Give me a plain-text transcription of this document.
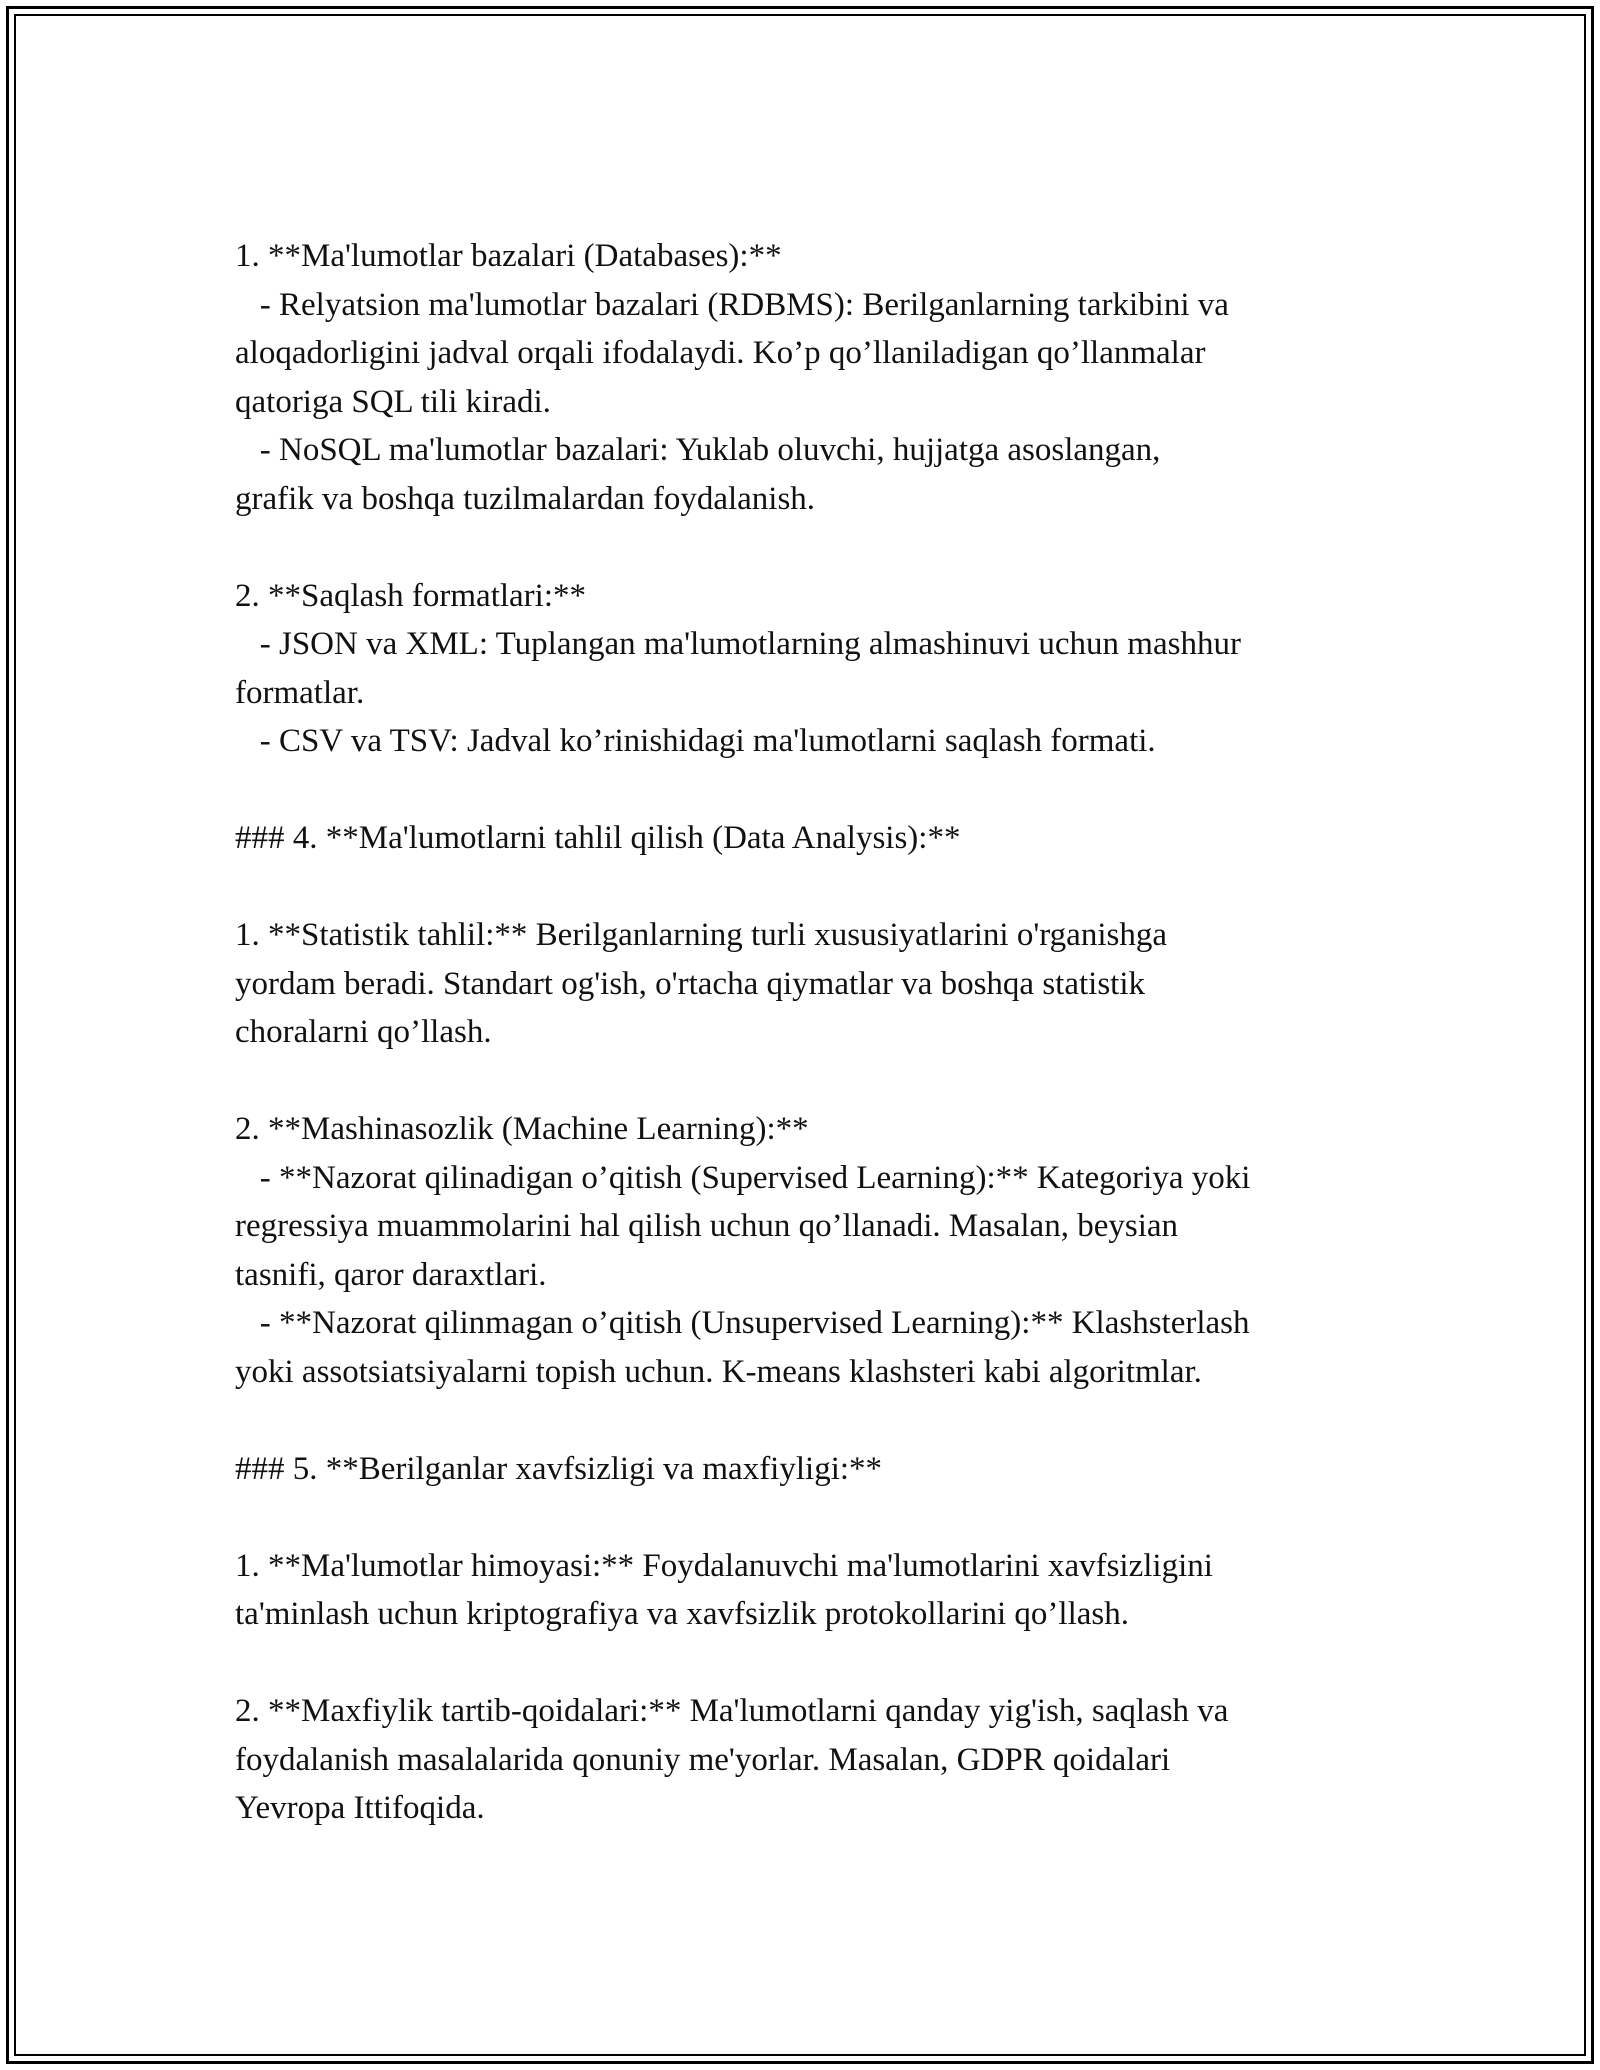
1. **Ma'lumotlar bazalari (Databases):**
- Relyatsion ma'lumotlar bazalari (RDBMS): Berilganlarning tarkibini va
aloqadorligini jadval orqali ifodalaydi. Ko’p qo’llaniladigan qo’llanmalar
qatoriga SQL tili kiradi.
- NoSQL ma'lumotlar bazalari: Yuklab oluvchi, hujjatga asoslangan,
grafik va boshqa tuzilmalardan foydalanish.
2. **Saqlash formatlari:**
- JSON va XML: Tuplangan ma'lumotlarning almashinuvi uchun mashhur
formatlar.
- CSV va TSV: Jadval ko’rinishidagi ma'lumotlarni saqlash formati.
### 4. **Ma'lumotlarni tahlil qilish (Data Analysis):**
1. **Statistik tahlil:** Berilganlarning turli xususiyatlarini o'rganishga
yordam beradi. Standart og'ish, o'rtacha qiymatlar va boshqa statistik
choralarni qo’llash.
2. **Mashinasozlik (Machine Learning):**
- **Nazorat qilinadigan o’qitish (Supervised Learning):** Kategoriya yoki
regressiya muammolarini hal qilish uchun qo’llanadi. Masalan, beysian
tasnifi, qaror daraxtlari.
- **Nazorat qilinmagan o’qitish (Unsupervised Learning):** Klashsterlash
yoki assotsiatsiyalarni topish uchun. K-means klashsteri kabi algoritmlar.
### 5. **Berilganlar xavfsizligi va maxfiyligi:**
1. **Ma'lumotlar himoyasi:** Foydalanuvchi ma'lumotlarini xavfsizligini
ta'minlash uchun kriptografiya va xavfsizlik protokollarini qo’llash.
2. **Maxfiylik tartib-qoidalari:** Ma'lumotlarni qanday yig'ish, saqlash va
foydalanish masalalarida qonuniy me'yorlar. Masalan, GDPR qoidalari
Yevropa Ittifoqida.
